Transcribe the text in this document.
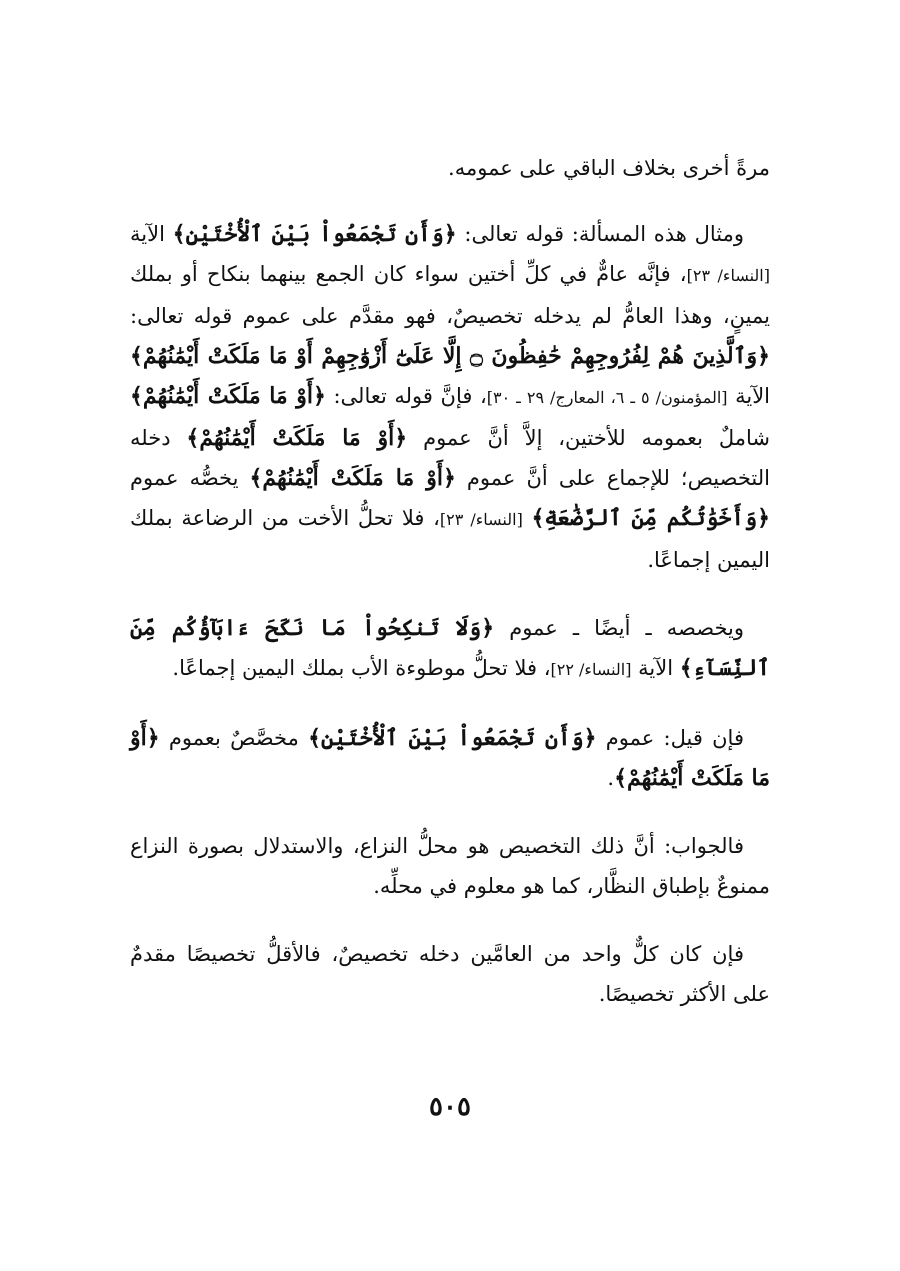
مرةً أخرى بخلاف الباقي على عمومه.

ومثال هذه المسألة: قوله تعالى: ﴿وَأَن تَجْمَعُواْ بَيْنَ ٱلْأُخْتَيْنِ﴾ الآية [النساء/ ٢٣]، فإنَّه عامٌّ في كلِّ أختين سواء كان الجمع بينهما بنكاح أو بملك يمينٍ، وهذا العامُّ لم يدخله تخصيصٌ، فهو مقدَّم على عموم قوله تعالى: ﴿وَٱلَّذِينَ هُمْ لِفُرُوجِهِمْ حَٰفِظُونَ ۝ إِلَّا عَلَىٰٓ أَزْوَٰجِهِمْ أَوْ مَا مَلَكَتْ أَيْمَٰنُهُمْ﴾ الآية [المؤمنون/ ٥ ـ ٦، المعارج/ ٢٩ ـ ٣٠]، فإنَّ قوله تعالى: ﴿أَوْ مَا مَلَكَتْ أَيْمَٰنُهُمْ﴾ شاملٌ بعمومه للأختين، إلاَّ أنَّ عموم ﴿أَوْ مَا مَلَكَتْ أَيْمَٰنُهُمْ﴾ دخله التخصيص؛ للإجماع على أنَّ عموم ﴿أَوْ مَا مَلَكَتْ أَيْمَٰنُهُمْ﴾ يخصُّه عموم ﴿وَأَخَوَٰتُكُم مِّنَ ٱلرَّضَٰعَةِ﴾ [النساء/ ٢٣]، فلا تحلُّ الأخت من الرضاعة بملك اليمين إجماعًا.

ويخصصه ـ أيضًا ـ عموم ﴿وَلَا تَنكِحُواْ مَا نَكَحَ ءَابَآؤُكُم مِّنَ ٱلنِّسَآءِ﴾ الآية [النساء/ ٢٢]، فلا تحلُّ موطوءة الأب بملك اليمين إجماعًا.

فإن قيل: عموم ﴿وَأَن تَجْمَعُواْ بَيْنَ ٱلْأُخْتَيْنِ﴾ مخصَّصٌ بعموم ﴿أَوْ مَا مَلَكَتْ أَيْمَٰنُهُمْ﴾.

فالجواب: أنَّ ذلك التخصيص هو محلُّ النزاع، والاستدلال بصورة النزاع ممنوعٌ بإطباق النظَّار، كما هو معلوم في محلِّه.

فإن كان كلٌّ واحد من العامَّين دخله تخصيصٌ، فالأقلُّ تخصيصًا مقدمٌ على الأكثر تخصيصًا.

٥٠٥
